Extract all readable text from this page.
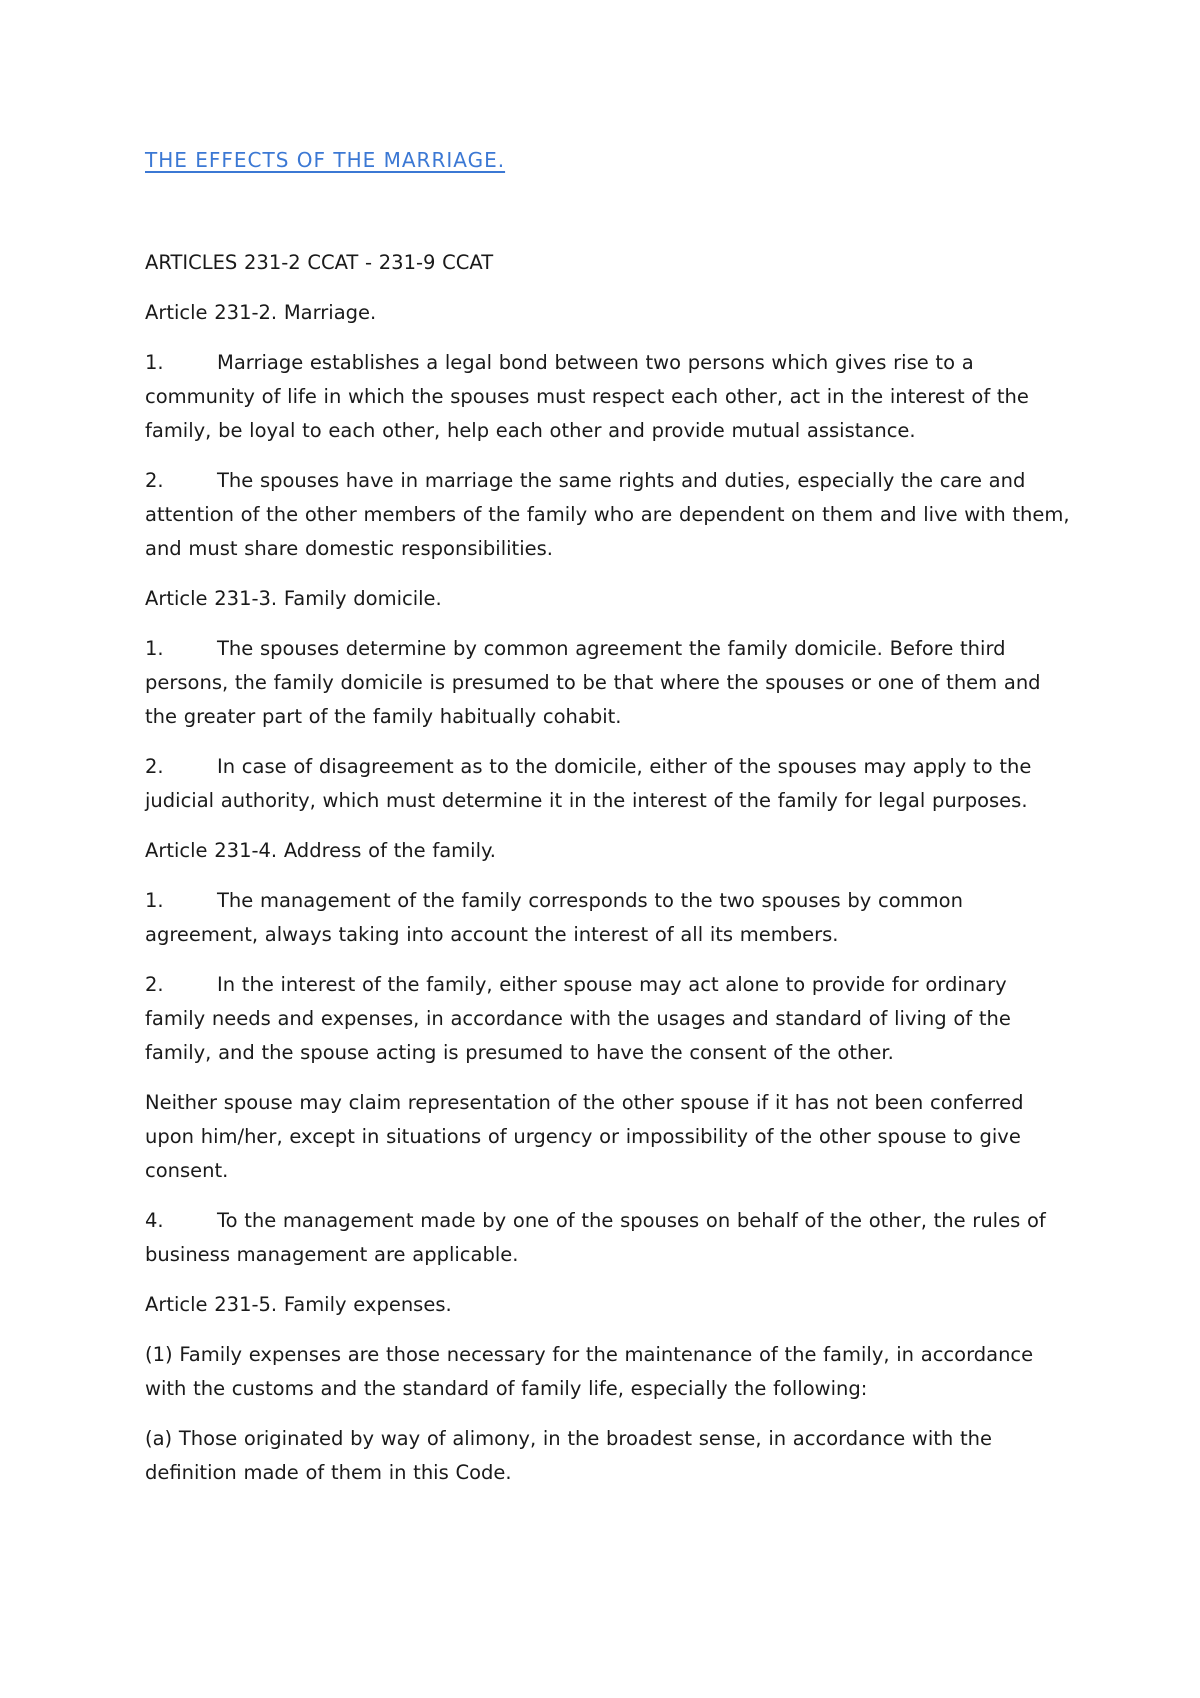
THE EFFECTS OF THE MARRIAGE.

ARTICLES 231-2 CCAT - 231-9 CCAT

Article 231-2. Marriage.

1.	Marriage establishes a legal bond between two persons which gives rise to a community of life in which the spouses must respect each other, act in the interest of the family, be loyal to each other, help each other and provide mutual assistance.

2.	The spouses have in marriage the same rights and duties, especially the care and attention of the other members of the family who are dependent on them and live with them, and must share domestic responsibilities.

Article 231-3. Family domicile.

1.	The spouses determine by common agreement the family domicile. Before third persons, the family domicile is presumed to be that where the spouses or one of them and the greater part of the family habitually cohabit.

2.	In case of disagreement as to the domicile, either of the spouses may apply to the judicial authority, which must determine it in the interest of the family for legal purposes.

Article 231-4. Address of the family.

1.	The management of the family corresponds to the two spouses by common agreement, always taking into account the interest of all its members.

2.	In the interest of the family, either spouse may act alone to provide for ordinary family needs and expenses, in accordance with the usages and standard of living of the family, and the spouse acting is presumed to have the consent of the other.

Neither spouse may claim representation of the other spouse if it has not been conferred upon him/her, except in situations of urgency or impossibility of the other spouse to give consent.

4.	To the management made by one of the spouses on behalf of the other, the rules of business management are applicable.

Article 231-5. Family expenses.

(1) Family expenses are those necessary for the maintenance of the family, in accordance with the customs and the standard of family life, especially the following:

(a) Those originated by way of alimony, in the broadest sense, in accordance with the definition made of them in this Code.
